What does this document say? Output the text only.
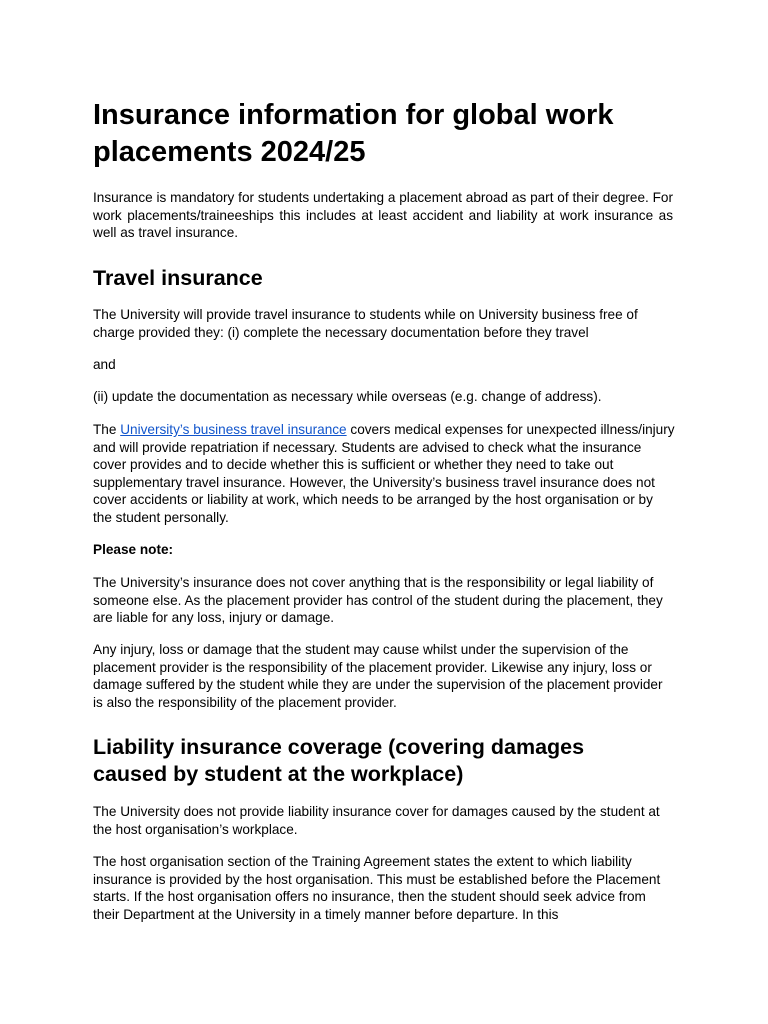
Insurance information for global work placements 2024/25

Insurance is mandatory for students undertaking a placement abroad as part of their degree. For work placements/traineeships this includes at least accident and liability at work insurance as well as travel insurance.

Travel insurance

The University will provide travel insurance to students while on University business free of charge provided they: (i) complete the necessary documentation before they travel

and

(ii) update the documentation as necessary while overseas (e.g. change of address).

The University’s business travel insurance covers medical expenses for unexpected illness/injury and will provide repatriation if necessary. Students are advised to check what the insurance cover provides and to decide whether this is sufficient or whether they need to take out supplementary travel insurance. However, the University’s business travel insurance does not cover accidents or liability at work, which needs to be arranged by the host organisation or by the student personally.

Please note:

The University’s insurance does not cover anything that is the responsibility or legal liability of someone else. As the placement provider has control of the student during the placement, they are liable for any loss, injury or damage.

Any injury, loss or damage that the student may cause whilst under the supervision of the placement provider is the responsibility of the placement provider. Likewise any injury, loss or damage suffered by the student while they are under the supervision of the placement provider is also the responsibility of the placement provider.

Liability insurance coverage (covering damages caused by student at the workplace)

The University does not provide liability insurance cover for damages caused by the student at the host organisation’s workplace.

The host organisation section of the Training Agreement states the extent to which liability insurance is provided by the host organisation. This must be established before the Placement starts. If the host organisation offers no insurance, then the student should seek advice from their Department at the University in a timely manner before departure. In this
